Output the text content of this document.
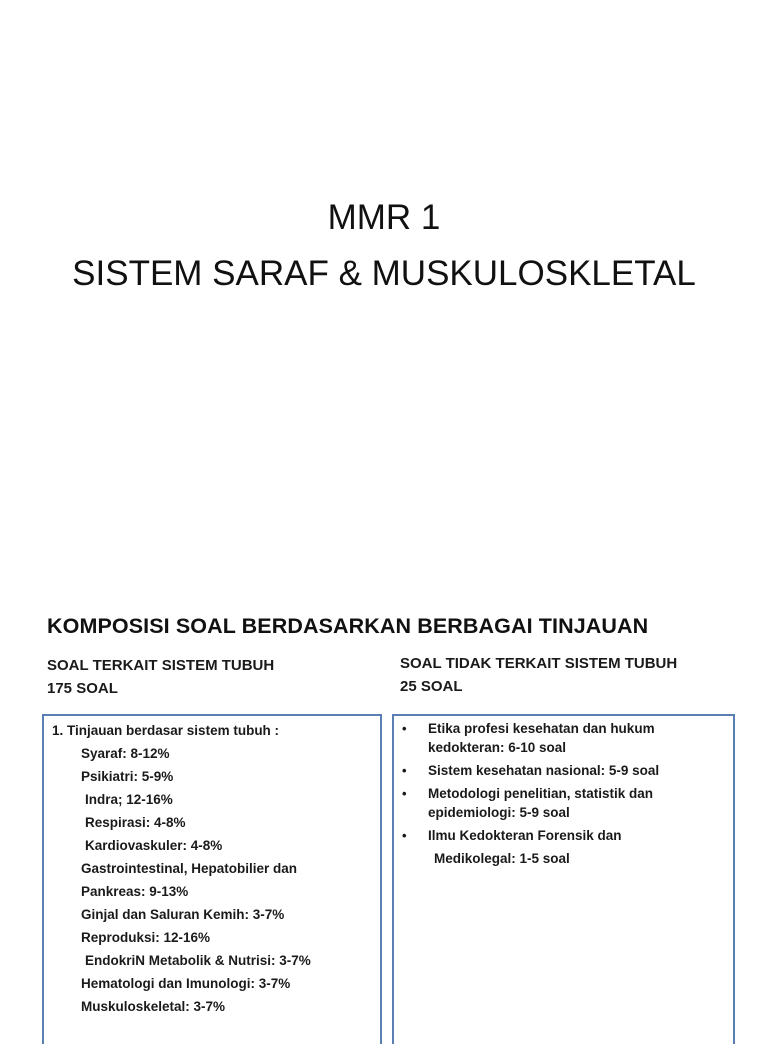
MMR 1
SISTEM SARAF & MUSKULOSKLETAL
KOMPOSISI SOAL BERDASARKAN BERBAGAI TINJAUAN
SOAL TERKAIT SISTEM TUBUH
175 SOAL
SOAL TIDAK TERKAIT SISTEM TUBUH
25 SOAL
1. Tinjauan berdasar sistem tubuh :
Syaraf: 8-12%
Psikiatri: 5-9%
Indra; 12-16%
Respirasi: 4-8%
Kardiovaskuler: 4-8%
Gastrointestinal, Hepatobilier dan
Pankreas: 9-13%
Ginjal dan Saluran Kemih: 3-7%
Reproduksi: 12-16%
EndokriN Metabolik & Nutrisi: 3-7%
Hematologi dan Imunologi: 3-7%
Muskuloskeletal: 3-7%
• Etika profesi kesehatan dan hukum
kedokteran: 6-10 soal
• Sistem kesehatan nasional: 5-9 soal
• Metodologi penelitian, statistik dan
epidemiologi: 5-9 soal
• Ilmu Kedokteran Forensik dan
Medikolegal: 1-5 soal
